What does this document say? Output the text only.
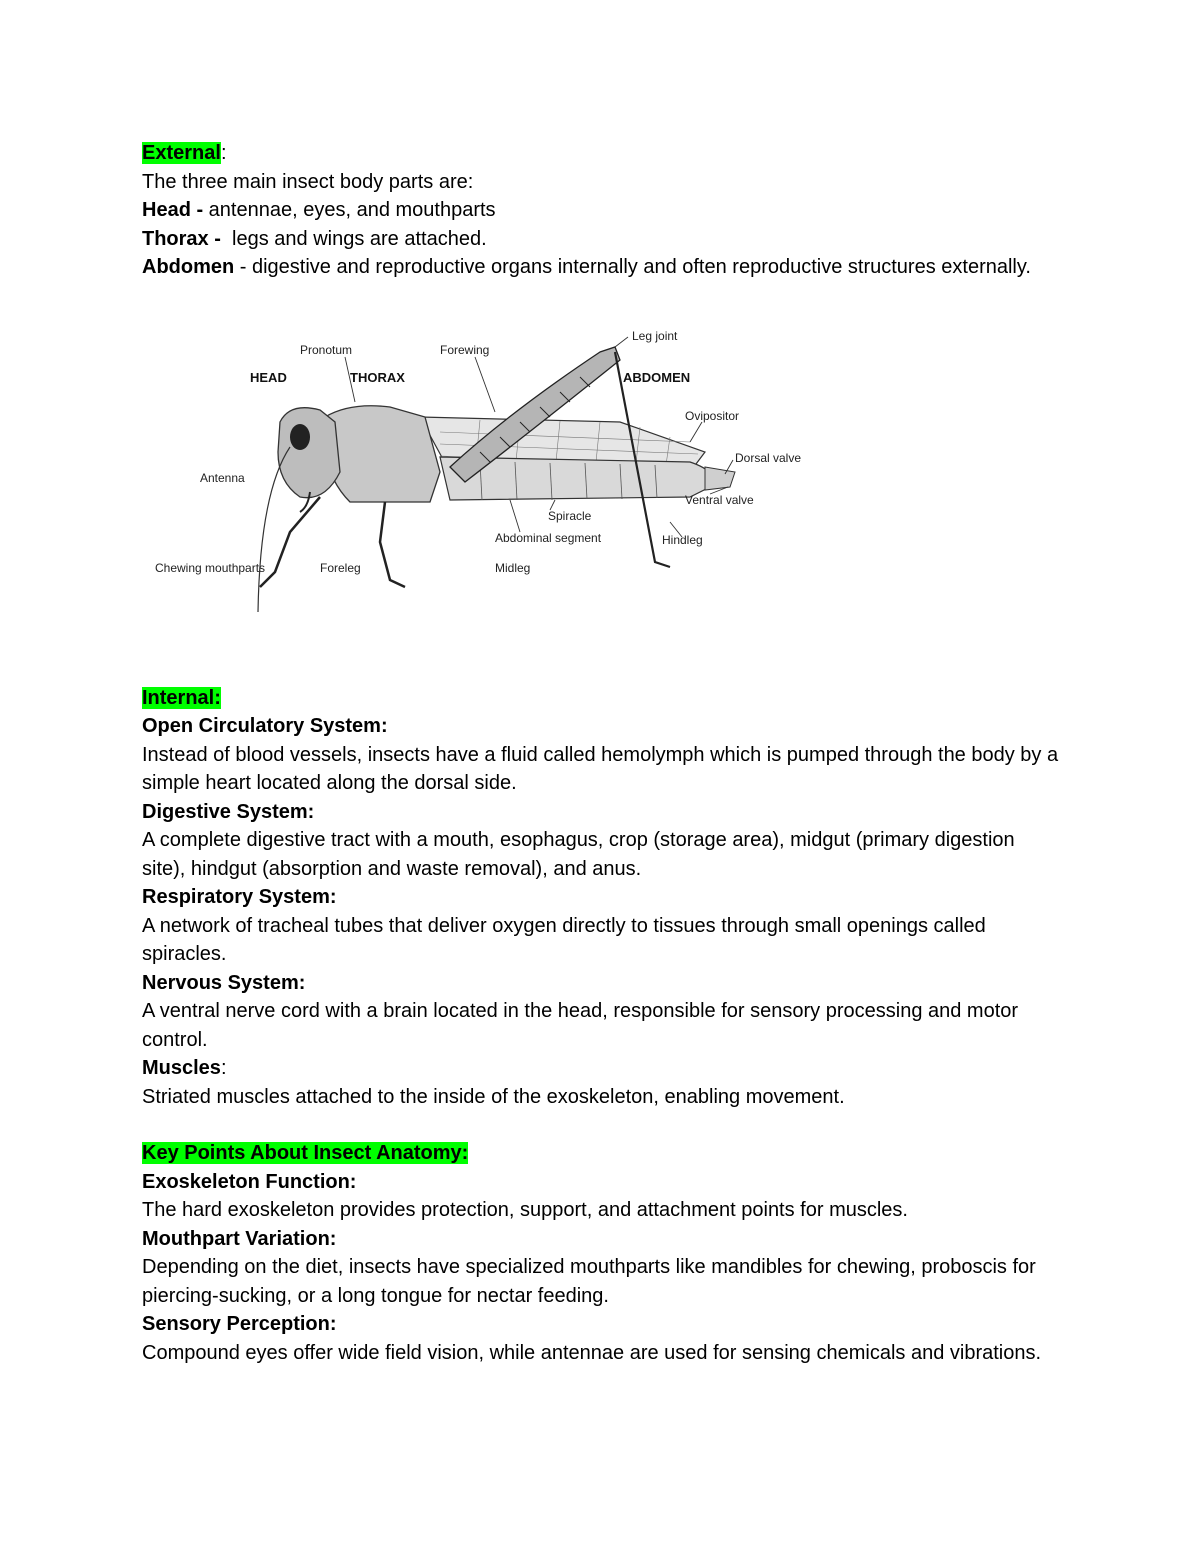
External:
The three main insect body parts are:
Head - antennae, eyes, and mouthparts
Thorax -  legs and wings are attached.
Abdomen - digestive and reproductive organs internally and often reproductive structures externally.
HEAD	THORAX	ABDOMEN
Pronotum	Forewing
Leg joint
Ovipositor
Dorsal valve
Ventral valve
Antenna
Spiracle
Abdominal segment	Hindleg
Chewing mouthparts	Foreleg	Midleg
Internal:
Open Circulatory System:
Instead of blood vessels, insects have a fluid called hemolymph which is pumped through the body by a simple heart located along the dorsal side.
Digestive System:
A complete digestive tract with a mouth, esophagus, crop (storage area), midgut (primary digestion site), hindgut (absorption and waste removal), and anus.
Respiratory System:
A network of tracheal tubes that deliver oxygen directly to tissues through small openings called spiracles.
Nervous System:
A ventral nerve cord with a brain located in the head, responsible for sensory processing and motor control.
Muscles:
Striated muscles attached to the inside of the exoskeleton, enabling movement.
Key Points About Insect Anatomy:
Exoskeleton Function:
The hard exoskeleton provides protection, support, and attachment points for muscles.
Mouthpart Variation:
Depending on the diet, insects have specialized mouthparts like mandibles for chewing, proboscis for piercing-sucking, or a long tongue for nectar feeding.
Sensory Perception:
Compound eyes offer wide field vision, while antennae are used for sensing chemicals and vibrations.
